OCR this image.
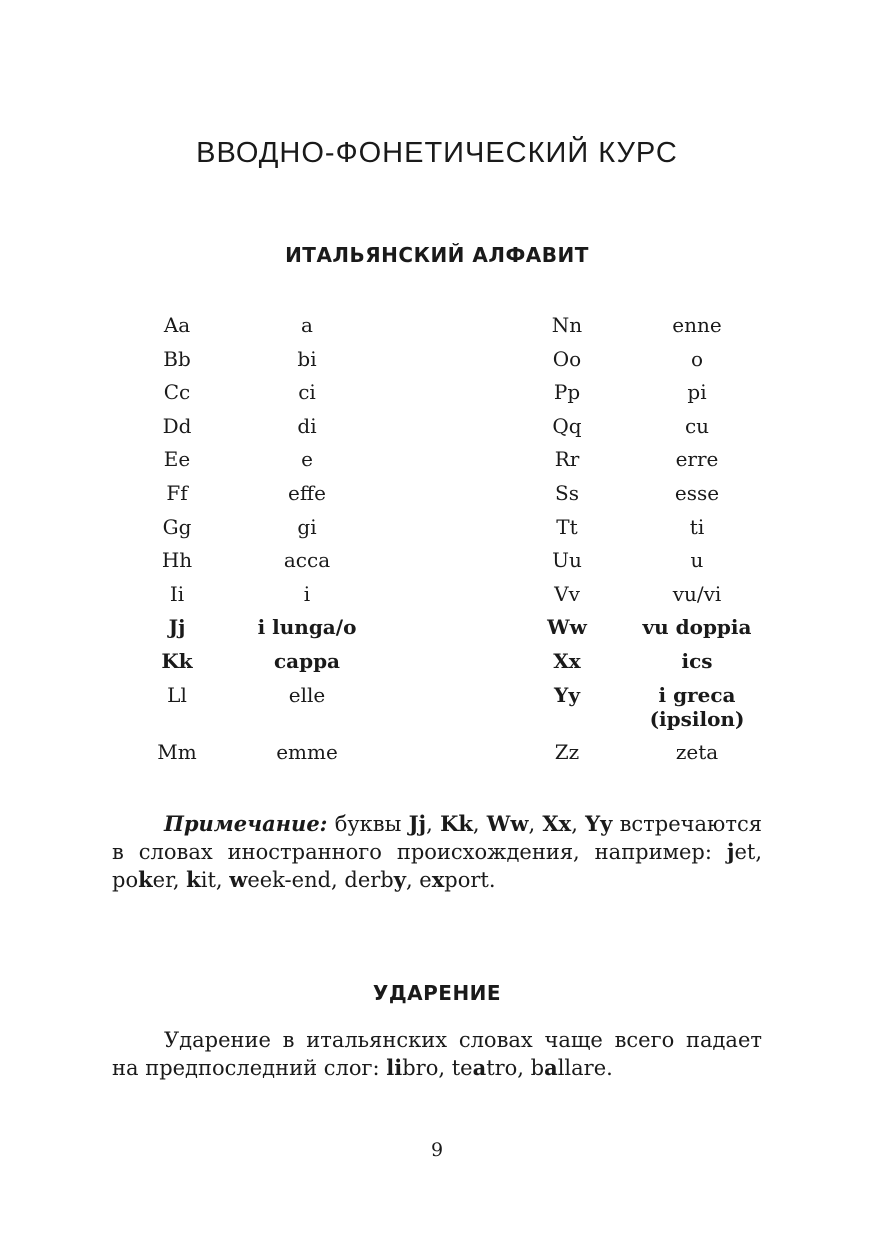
ВВОДНО-ФОНЕТИЧЕСКИЙ КУРС
ИТАЛЬЯНСКИЙ АЛФАВИТ
Aa	a		Nn	enne
Bb	bi		Oo	o
Cc	ci		Pp	pi
Dd	di		Qq	cu
Ee	e		Rr	erre
Ff	effe		Ss	esse
Gg	gi		Tt	ti
Hh	acca		Uu	u
Ii	i		Vv	vu/vi
Jj	i lunga/o		Ww	vu doppia
Kk	cappa		Xx	ics
Ll	elle		Yy	i greca (ipsilon)
Mm	emme		Zz	zeta
Примечание: буквы Jj, Kk, Ww, Xx, Yy встречаются в словах иностранного происхождения, например: jet, poker, kit, week-end, derby, export.
УДАРЕНИЕ
Ударение в итальянских словах чаще всего падает на предпоследний слог: libro, teatro, ballare.
9
